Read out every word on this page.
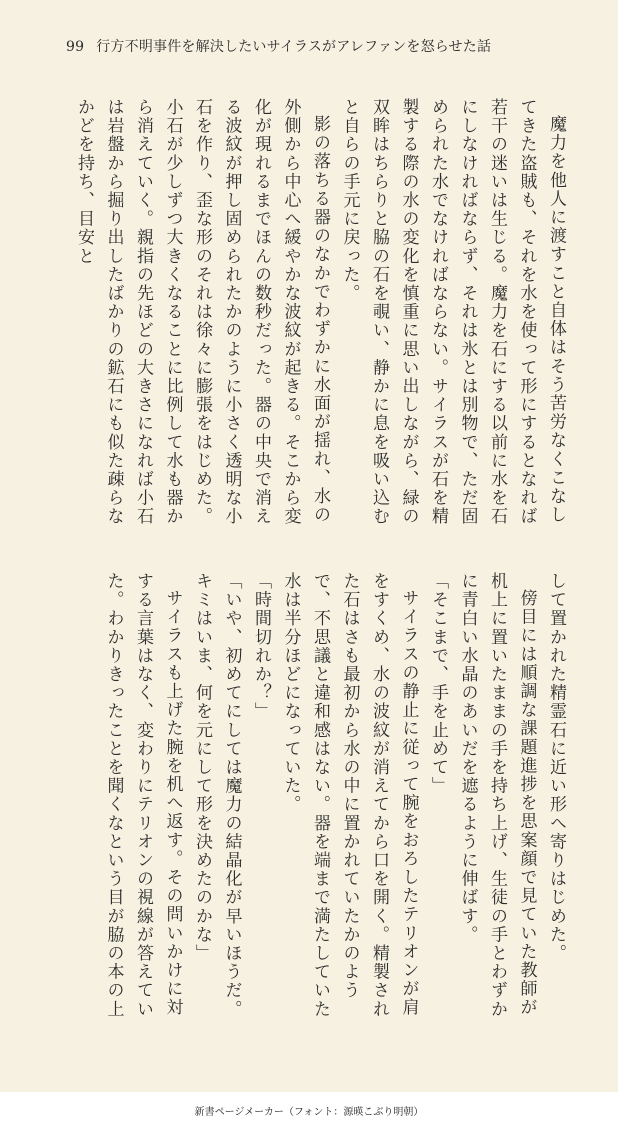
99 行方不明事件を解決したいサイラスがアレファンを怒らせた話

魔力を他人に渡すこと自体はそう苦労なくこなしてきた盗賊も、それを水を使って形にするとなれば若干の迷いは生じる。魔力を石にする以前に水を石にしなければならず、それは氷とは別物で、ただ固められた水でなければならない。サイラスが石を精製する際の水の変化を慎重に思い出しながら、緑の双眸はちらりと脇の石を覗い、静かに息を吸い込むと自らの手元に戻った。

影の落ちる器のなかでわずかに水面が揺れ、水の外側から中心へ緩やかな波紋が起きる。そこから変化が現れるまでほんの数秒だった。器の中央で消える波紋が押し固められたかのように小さく透明な小石を作り、歪な形のそれは徐々に膨張をはじめた。小石が少しずつ大きくなることに比例して水も器から消えていく。親指の先ほどの大きさになれば小石は岩盤から掘り出したばかりの鉱石にも似た疎らなかどを持ち、目安と

して置かれた精霊石に近い形へ寄りはじめた。

傍目には順調な課題進捗を思案顔で見ていた教師が机上に置いたままの手を持ち上げ、生徒の手とわずかに青白い水晶のあいだを遮るように伸ばす。

「そこまで、手を止めて」

サイラスの静止に従って腕をおろしたテリオンが肩をすくめ、水の波紋が消えてから口を開く。精製された石はさも最初から水の中に置かれていたかのようで、不思議と違和感はない。器を端まで満たしていた水は半分ほどになっていた。

「時間切れか？」

「いや、初めてにしては魔力の結晶化が早いほうだ。キミはいま、何を元にして形を決めたのかな」

サイラスも上げた腕を机へ返す。その問いかけに対する言葉はなく、変わりにテリオンの視線が答えていた。わかりきったことを聞くなという目が脇の本の上

新書ページメーカー（フォント：源暎こぶり明朝）
